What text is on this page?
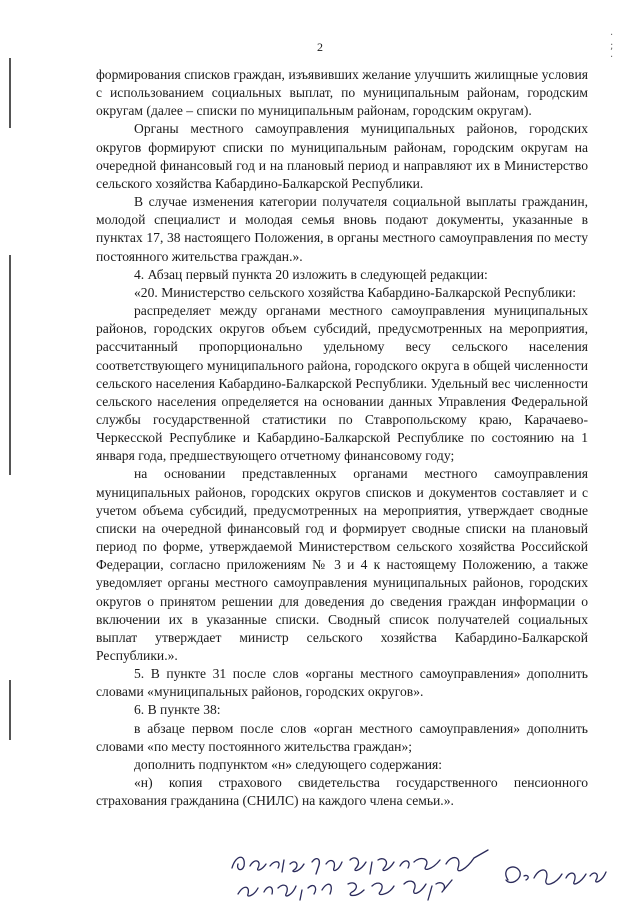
2
·
;
·

формирования списков граждан, изъявивших желание улучшить жилищные условия с использованием социальных выплат, по муниципальным районам, городским округам (далее – списки по муниципальным районам, городским округам).

Органы местного самоуправления муниципальных районов, городских округов формируют списки по муниципальным районам, городским округам на очередной финансовый год и на плановый период и направляют их в Министерство сельского хозяйства Кабардино-Балкарской Республики.

В случае изменения категории получателя социальной выплаты гражданин, молодой специалист и молодая семья вновь подают документы, указанные в пунктах 17, 38 настоящего Положения, в органы местного самоуправления по месту постоянного жительства граждан.».

4. Абзац первый пункта 20 изложить в следующей редакции:

«20. Министерство сельского хозяйства Кабардино-Балкарской Республики:

распределяет между органами местного самоуправления муниципальных районов, городских округов объем субсидий, предусмотренных на мероприятия, рассчитанный пропорционально удельному весу сельского населения соответствующего муниципального района, городского округа в общей численности сельского населения Кабардино-Балкарской Республики. Удельный вес численности сельского населения определяется на основании данных Управления Федеральной службы государственной статистики по Ставропольскому краю, Карачаево-Черкесской Республике и Кабардино-Балкарской Республике по состоянию на 1 января года, предшествующего отчетному финансовому году;

на основании представленных органами местного самоуправления муниципальных районов, городских округов списков и документов составляет и с учетом объема субсидий, предусмотренных на мероприятия, утверждает сводные списки на очередной финансовый год и формирует сводные списки на плановый период по форме, утверждаемой Министерством сельского хозяйства Российской Федерации, согласно приложениям № 3 и 4 к настоящему Положению, а также уведомляет органы местного самоуправления муниципальных районов, городских округов о принятом решении для доведения до сведения граждан информации о включении их в указанные списки. Сводный список получателей социальных выплат утверждает министр сельского хозяйства Кабардино-Балкарской Республики.».

5. В пункте 31 после слов «органы местного самоуправления» дополнить словами «муниципальных районов, городских округов».

6. В пункте 38:

в абзаце первом после слов «орган местного самоуправления» дополнить словами «по месту постоянного жительства граждан»;

дополнить подпунктом «н» следующего содержания:

«н) копия страхового свидетельства государственного пенсионного страхования гражданина (СНИЛС) на каждого члена семьи.».
